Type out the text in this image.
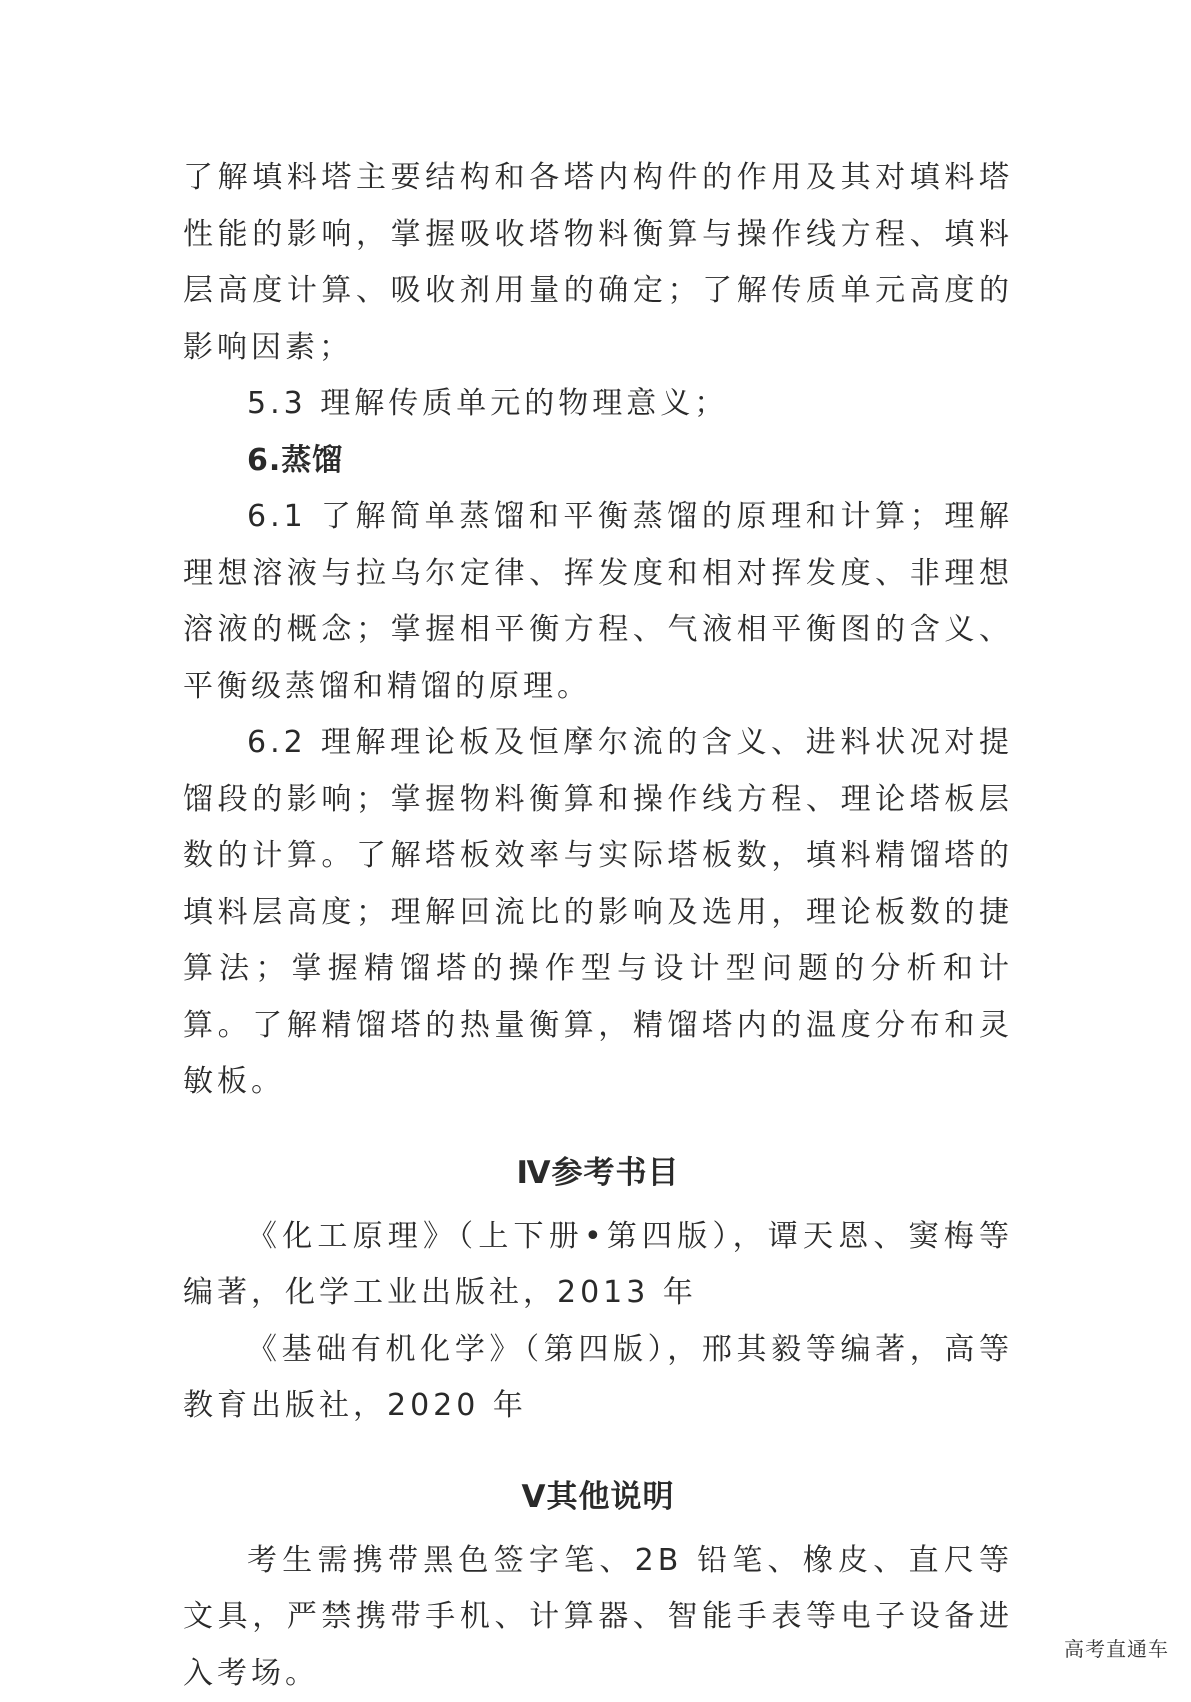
了解填料塔主要结构和各塔内构件的作用及其对填料塔性能的影响，掌握吸收塔物料衡算与操作线方程、填料层高度计算、吸收剂用量的确定；了解传质单元高度的影响因素；

5.3 理解传质单元的物理意义；

6.蒸馏

6.1 了解简单蒸馏和平衡蒸馏的原理和计算；理解理想溶液与拉乌尔定律、挥发度和相对挥发度、非理想溶液的概念；掌握相平衡方程、气液相平衡图的含义、平衡级蒸馏和精馏的原理。

6.2 理解理论板及恒摩尔流的含义、进料状况对提馏段的影响；掌握物料衡算和操作线方程、理论塔板层数的计算。了解塔板效率与实际塔板数，填料精馏塔的填料层高度；理解回流比的影响及选用，理论板数的捷算法；掌握精馏塔的操作型与设计型问题的分析和计算。了解精馏塔的热量衡算，精馏塔内的温度分布和灵敏板。

Ⅳ参考书目

《化工原理》（上下册•第四版），谭天恩、窦梅等编著，化学工业出版社，2013 年

《基础有机化学》（第四版），邢其毅等编著，高等教育出版社，2020 年

Ⅴ其他说明

考生需携带黑色签字笔、2B 铅笔、橡皮、直尺等文具，严禁携带手机、计算器、智能手表等电子设备进入考场。

高考直通车
